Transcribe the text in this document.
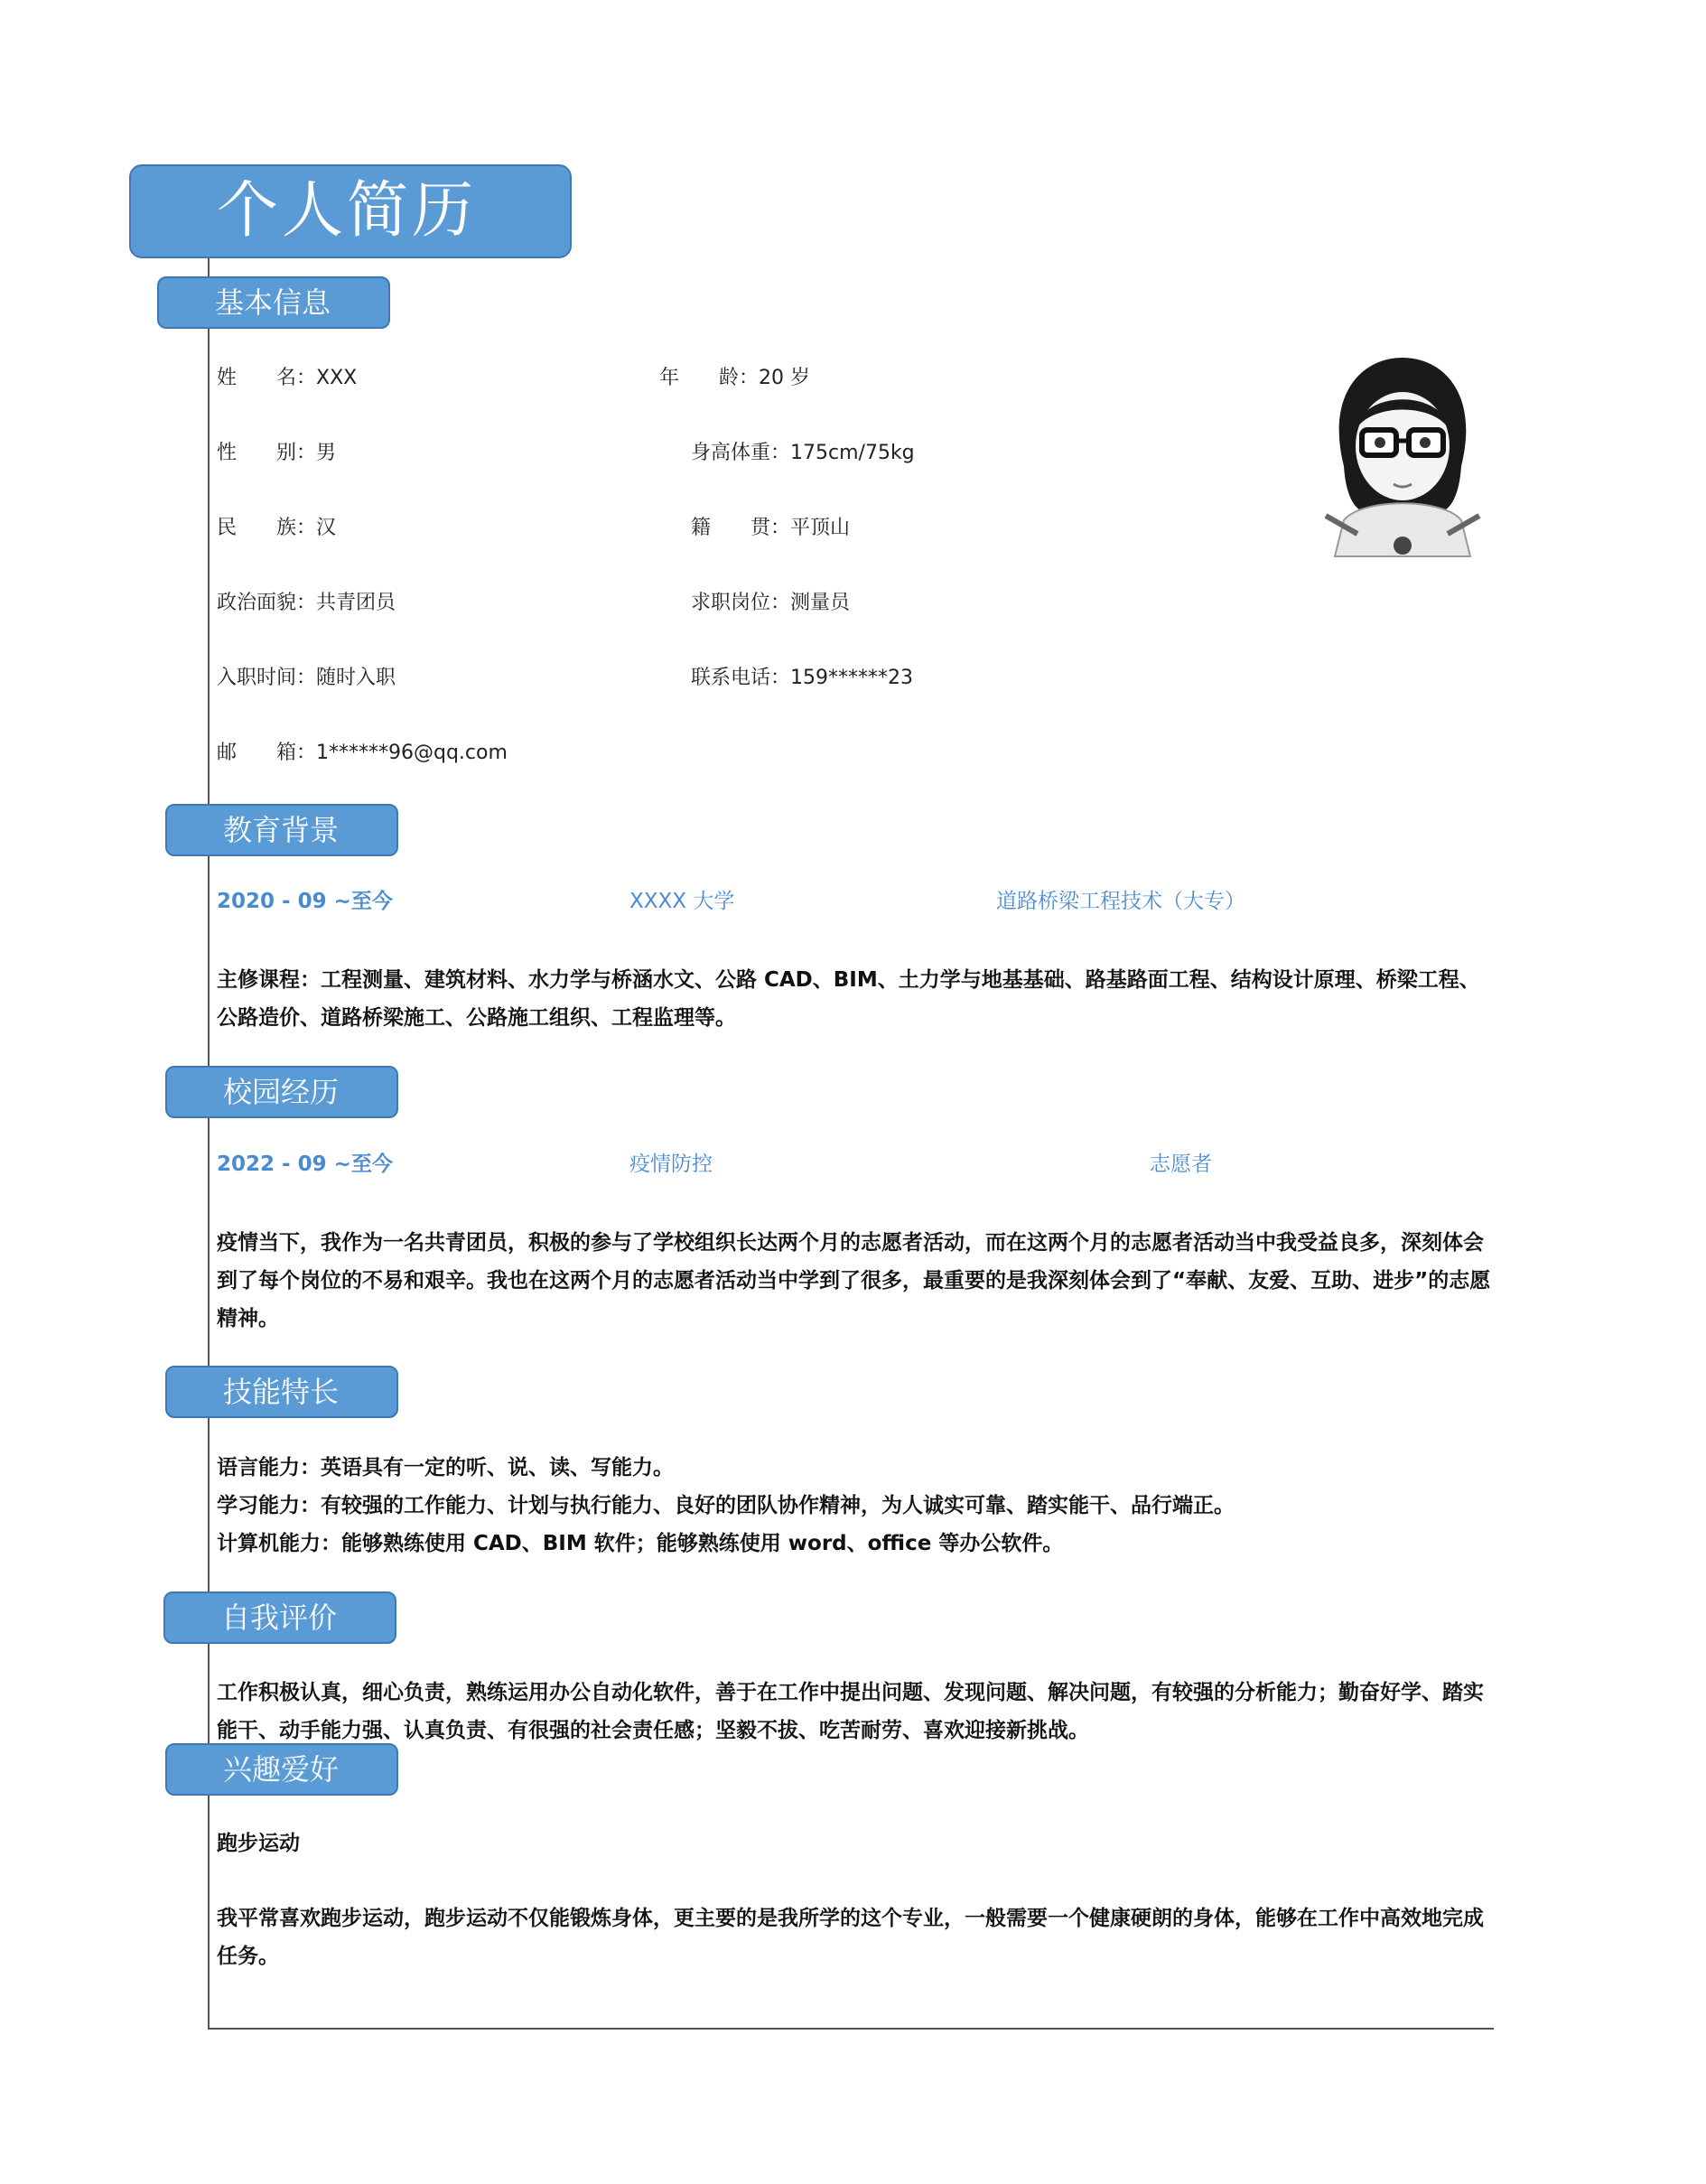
个人简历
基本信息
姓　　名：XXX	年　　龄：20 岁
性　　别：男	身高体重：175cm/75kg
民　　族：汉	籍　　贯：平顶山
政治面貌：共青团员	求职岗位：测量员
入职时间：随时入职	联系电话：159******23
邮　　箱：1******96@qq.com
教育背景
2020 - 09 ~至今	XXXX 大学	道路桥梁工程技术（大专）
主修课程：工程测量、建筑材料、水力学与桥涵水文、公路 CAD、BIM、土力学与地基基础、路基路面工程、结构设计原理、桥梁工程、公路造价、道路桥梁施工、公路施工组织、工程监理等。
校园经历
2022 - 09 ~至今	疫情防控	志愿者
疫情当下，我作为一名共青团员，积极的参与了学校组织长达两个月的志愿者活动，而在这两个月的志愿者活动当中我受益良多，深刻体会到了每个岗位的不易和艰辛。我也在这两个月的志愿者活动当中学到了很多，最重要的是我深刻体会到了“奉献、友爱、互助、进步”的志愿精神。
技能特长
语言能力：英语具有一定的听、说、读、写能力。
学习能力：有较强的工作能力、计划与执行能力、良好的团队协作精神，为人诚实可靠、踏实能干、品行端正。
计算机能力：能够熟练使用 CAD、BIM 软件；能够熟练使用 word、office 等办公软件。
自我评价
工作积极认真，细心负责，熟练运用办公自动化软件，善于在工作中提出问题、发现问题、解决问题，有较强的分析能力；勤奋好学、踏实能干、动手能力强、认真负责、有很强的社会责任感；坚毅不拔、吃苦耐劳、喜欢迎接新挑战。
兴趣爱好
跑步运动
我平常喜欢跑步运动，跑步运动不仅能锻炼身体，更主要的是我所学的这个专业，一般需要一个健康硬朗的身体，能够在工作中高效地完成任务。
